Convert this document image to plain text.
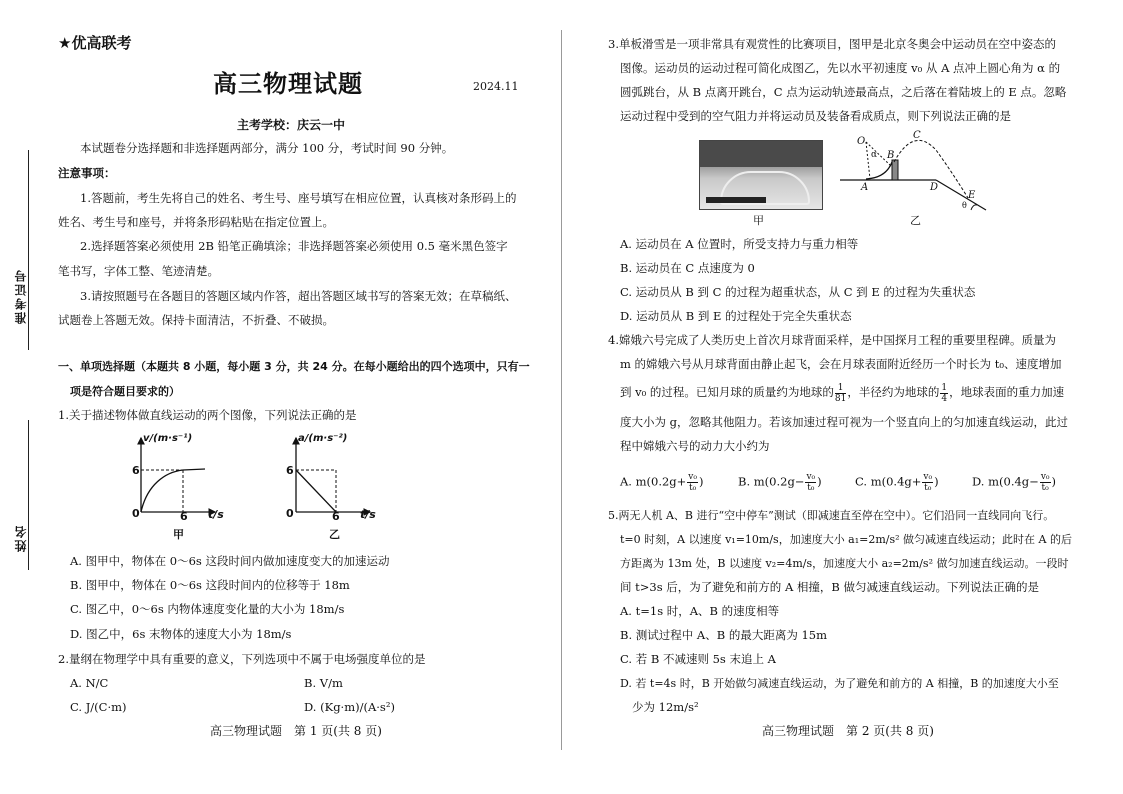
准考证号
姓名
★优高联考
高三物理试题	2024.11
主考学校：庆云一中
本试题卷分选择题和非选择题两部分，满分 100 分，考试时间 90 分钟。
注意事项：
1.答题前，考生先将自己的姓名、考生号、座号填写在相应位置，认真核对条形码上的
姓名、考生号和座号，并将条形码粘贴在指定位置上。
2.选择题答案必须使用 2B 铅笔正确填涂；非选择题答案必须使用 0.5 毫米黑色签字
笔书写，字体工整、笔迹清楚。
3.请按照题号在各题目的答题区域内作答，超出答题区域书写的答案无效；在草稿纸、
试题卷上答题无效。保持卡面清洁，不折叠、不破损。
一、单项选择题（本题共 8 小题，每小题 3 分，共 24 分。在每小题给出的四个选项中，只有一
项是符合题目要求的）
1.关于描述物体做直线运动的两个图像，下列说法正确的是
v/(m·s⁻¹)
6
0	6 t/s
甲
a/(m·s⁻²)
6
0	6 t/s
乙
A. 图甲中，物体在 0～6s 这段时间内做加速度变大的加速运动
B. 图甲中，物体在 0～6s 这段时间内的位移等于 18m
C. 图乙中，0～6s 内物体速度变化量的大小为 18m/s
D. 图乙中，6s 末物体的速度大小为 18m/s
2.量纲在物理学中具有重要的意义，下列选项中不属于电场强度单位的是
A. N/C	B. V/m
C. J/(C·m)	D. (Kg·m)/(A·s²)
高三物理试题　第 1 页(共 8 页)
3.单板滑雪是一项非常具有观赏性的比赛项目，图甲是北京冬奥会中运动员在空中姿态的
图像。运动员的运动过程可简化成图乙，先以水平初速度 v₀ 从 A 点冲上圆心角为 α 的
圆弧跳台，从 B 点离开跳台，C 点为运动轨迹最高点，之后落在着陆坡上的 E 点。忽略
运动过程中受到的空气阻力并将运动员及装备看成质点，则下列说法正确的是
甲
O
α
A
B
C
D
E
θ
乙
A. 运动员在 A 位置时，所受支持力与重力相等
B. 运动员在 C 点速度为 0
C. 运动员从 B 到 C 的过程为超重状态，从 C 到 E 的过程为失重状态
D. 运动员从 B 到 E 的过程处于完全失重状态
4.嫦娥六号完成了人类历史上首次月球背面采样，是中国探月工程的重要里程碑。质量为
m 的嫦娥六号从月球背面由静止起飞，会在月球表面附近经历一个时长为 t₀、速度增加
到 v₀ 的过程。已知月球的质量约为地球的 $\frac{1}{81}$ ，半径约为地球的 $\frac{1}{4}$ ，地球表面的重力加速
度大小为 g，忽略其他阻力。若该加速过程可视为一个竖直向上的匀加速直线运动，此过
程中嫦娥六号的动力大小约为
A. $m(0.2g+ \frac{\text{v₀}}{\text{t₀}}$ )	B. $m(0.2g- \frac{\text{v₀}}{\text{t₀}}$ )	C. $m(0.4g+ \frac{\text{v₀}}{\text{t₀}}$ )	D. $m(0.4g- \frac{\text{v₀}}{\text{t₀}}$ )
5.两无人机 A、B 进行“空中停车”测试（即减速直至停在空中）。它们沿同一直线同向飞行。
t=0 时刻，A 以速度 v₁=10m/s，加速度大小 a₁=2m/s² 做匀减速直线运动；此时在 A 的后
方距离为 13m 处，B 以速度 v₂=4m/s，加速度大小 a₂=2m/s² 做匀加速直线运动。一段时
间 t>3s 后，为了避免和前方的 A 相撞，B 做匀减速直线运动。下列说法正确的是
A. t=1s 时，A、B 的速度相等
B. 测试过程中 A、B 的最大距离为 15m
C. 若 B 不减速则 5s 末追上 A
D. 若 t=4s 时，B 开始做匀减速直线运动，为了避免和前方的 A 相撞，B 的加速度大小至
少为 12m/s²
高三物理试题　第 2 页(共 8 页)
